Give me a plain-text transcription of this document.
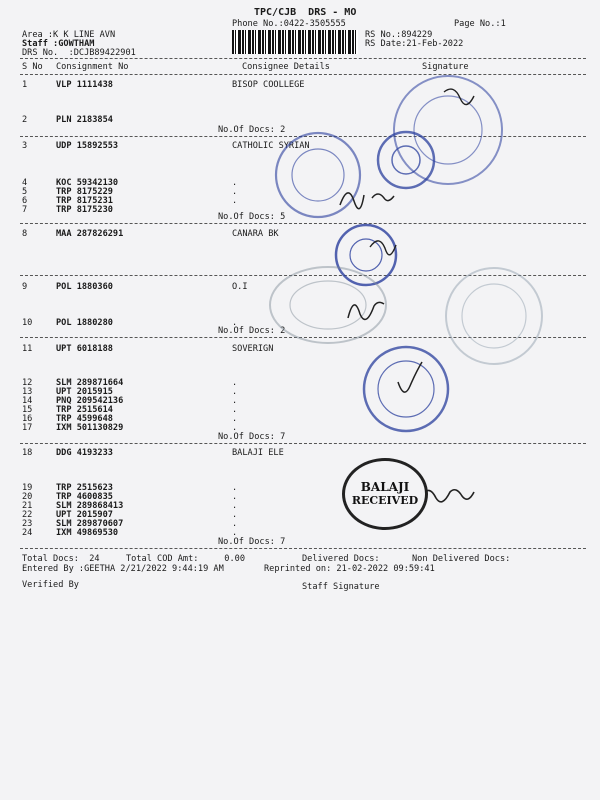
TPC/CJB  DRS - MO
Phone No.:0422-3505555	Page No.:1
Area :K K LINE AVN
Staff :GOWTHAM
DRS No.  :DCJB89422901
RS No.:894229
RS Date:21-Feb-2022
S No Consignment No	Consignee Details	Signature
1	VLP 1111438	BISOP COOLLEGE
2	PLN 2183854
No.Of Docs: 2
3	UDP 15892553	CATHOLIC SYRIAN
4	KOC 59342130	.
5	TRP 8175229	.
6	TRP 8175231	.
7	TRP 8175230
No.Of Docs: 5
8	MAA 287826291	CANARA BK
9	POL 1880360	O.I
10	POL 1880280	.
No.Of Docs: 2
11	UPT 6018188	SOVERIGN
12	SLM 289871664	.
13	UPT 2015915	.
14	PNQ 209542136	.
15	TRP 2515614	.
16	TRP 4599648	.
17	IXM 501130829	.
No.Of Docs: 7
18	DDG 4193233	BALAJI ELE
19	TRP 2515623	.
20	TRP 4600835	.
21	SLM 289868413	.
22	UPT 2015907	.
23	SLM 289870607	.
24	IXM 49869530	.
No.Of Docs: 7
Total Docs:  24	Total COD Amt:     0.00	Delivered Docs:	Non Delivered Docs:
Entered By :GEETHA 2/21/2022 9:44:19 AM	Reprinted on: 21-02-2022 09:59:41
Verified By	Staff Signature
BALAJI
RECEIVED
